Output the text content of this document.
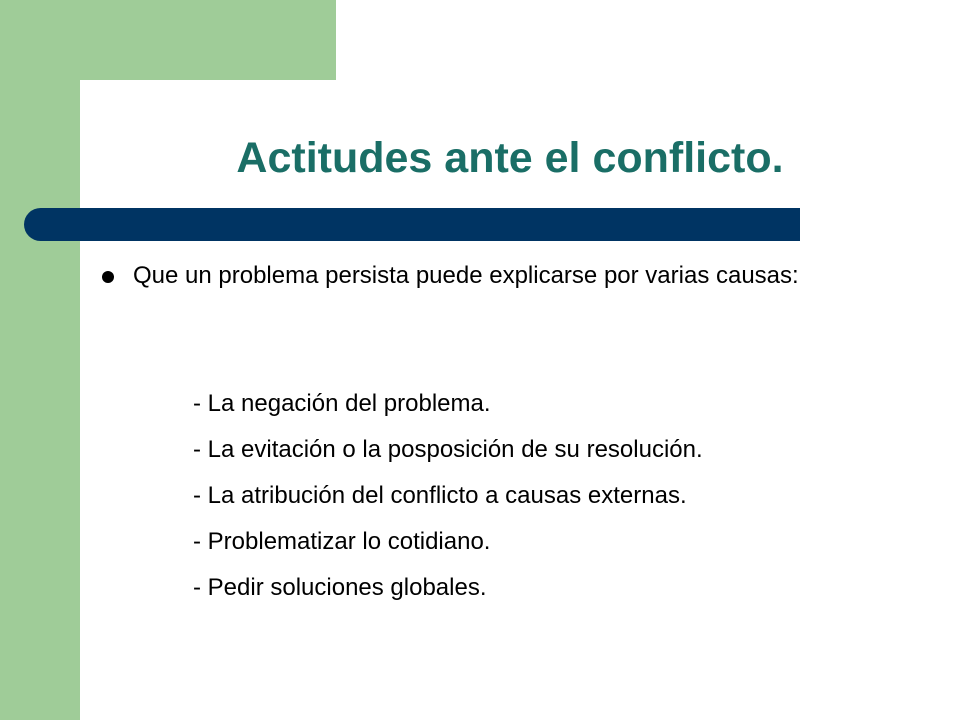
Actitudes ante el conflicto.
Que un problema persista puede explicarse por varias causas:
- La negación del problema.
- La evitación o la posposición de su resolución.
- La atribución del conflicto a causas externas.
- Problematizar lo cotidiano.
- Pedir soluciones globales.
